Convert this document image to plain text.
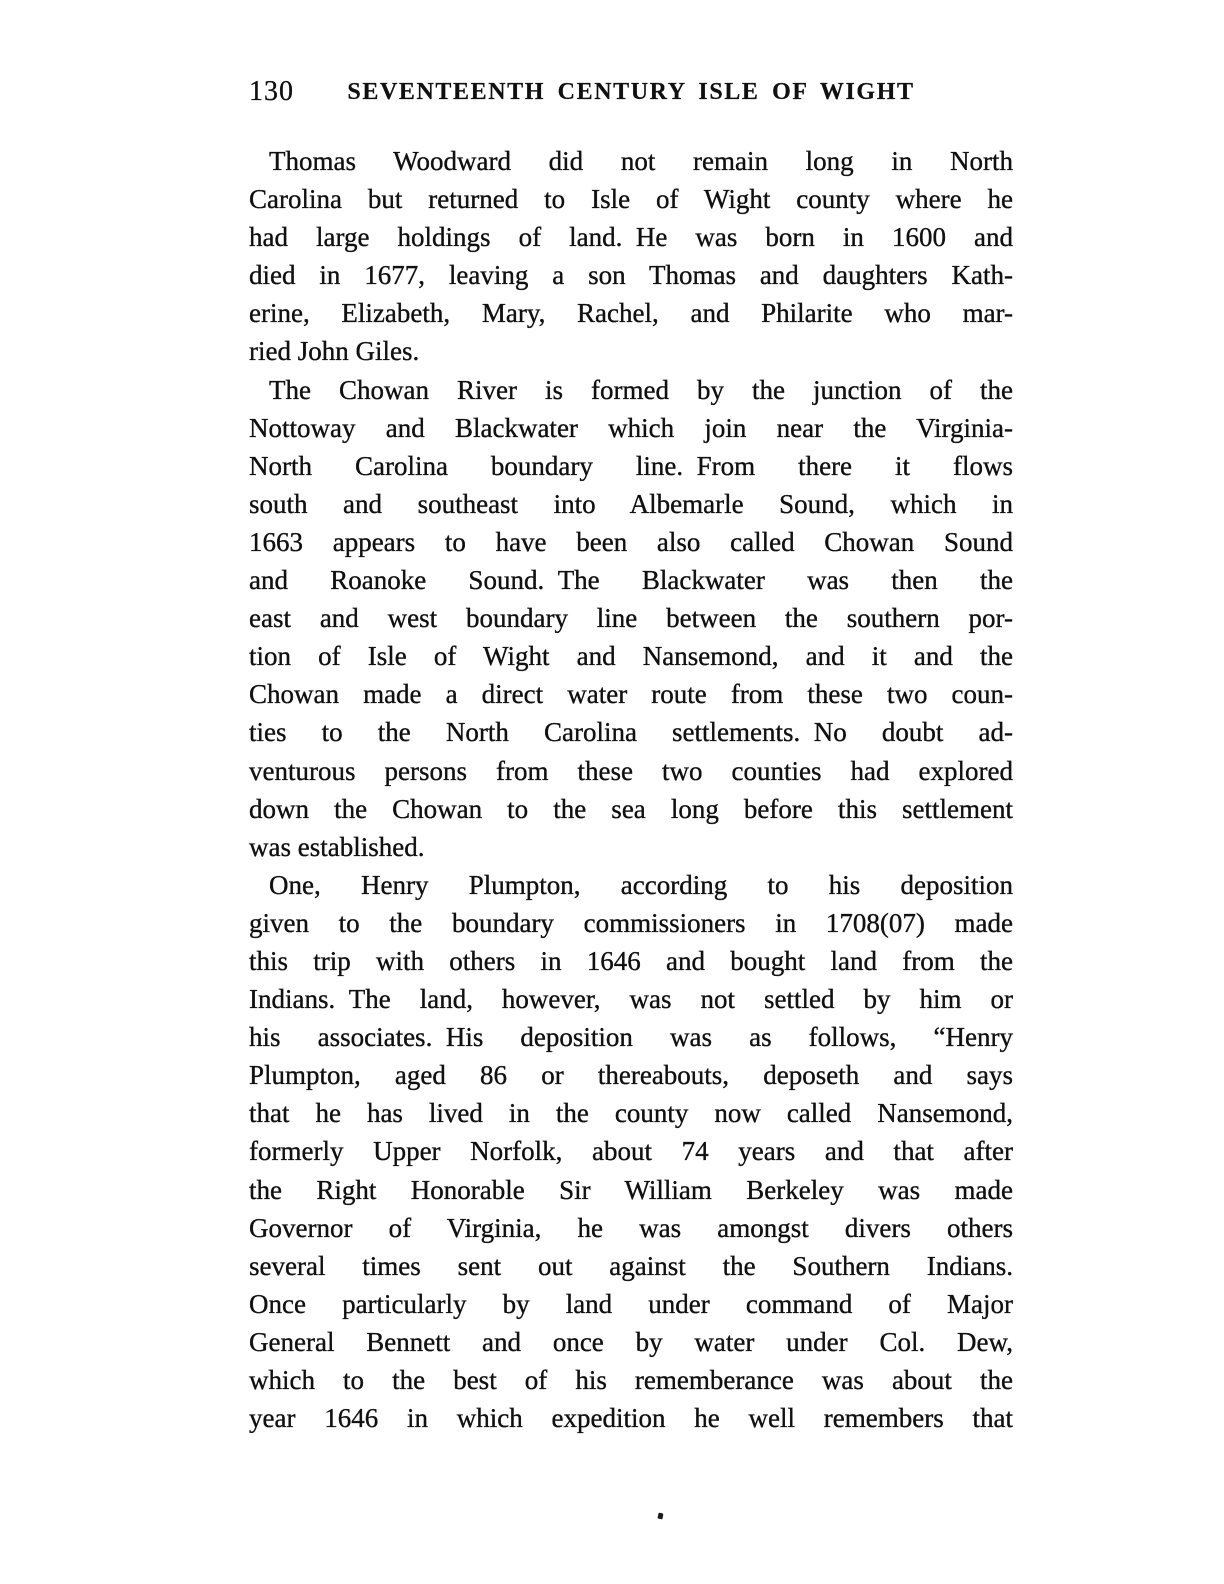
130	SEVENTEENTH CENTURY ISLE OF WIGHT

Thomas Woodward did not remain long in North
Carolina but returned to Isle of Wight county where he
had large holdings of land. He was born in 1600 and
died in 1677, leaving a son Thomas and daughters Kath-
erine, Elizabeth, Mary, Rachel, and Philarite who mar-
ried John Giles.

The Chowan River is formed by the junction of the
Nottoway and Blackwater which join near the Virginia-
North Carolina boundary line. From there it flows
south and southeast into Albemarle Sound, which in
1663 appears to have been also called Chowan Sound
and Roanoke Sound. The Blackwater was then the
east and west boundary line between the southern por-
tion of Isle of Wight and Nansemond, and it and the
Chowan made a direct water route from these two coun-
ties to the North Carolina settlements. No doubt ad-
venturous persons from these two counties had explored
down the Chowan to the sea long before this settlement
was established.

One, Henry Plumpton, according to his deposition
given to the boundary commissioners in 1708(07) made
this trip with others in 1646 and bought land from the
Indians. The land, however, was not settled by him or
his associates. His deposition was as follows, “Henry
Plumpton, aged 86 or thereabouts, deposeth and says
that he has lived in the county now called Nansemond,
formerly Upper Norfolk, about 74 years and that after
the Right Honorable Sir William Berkeley was made
Governor of Virginia, he was amongst divers others
several times sent out against the Southern Indians.
Once particularly by land under command of Major
General Bennett and once by water under Col. Dew,
which to the best of his rememberance was about the
year 1646 in which expedition he well remembers that
